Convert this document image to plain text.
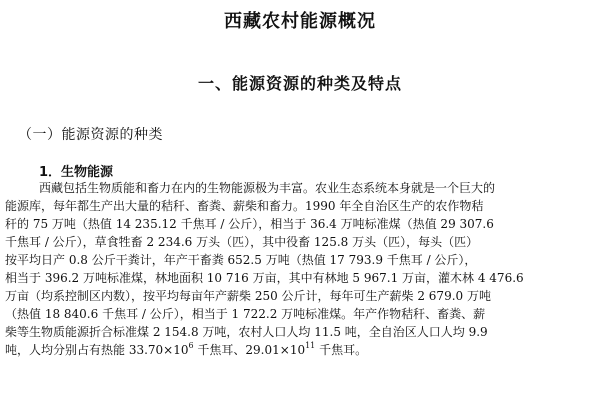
西藏农村能源概况
一、能源资源的种类及特点
（一）能源资源的种类
1．生物能源
西藏包括生物质能和畜力在内的生物能源极为丰富。农业生态系统本身就是一个巨大的
能源库，每年都生产出大量的秸秆、畜粪、薪柴和畜力。1990 年全自治区生产的农作物秸
秆的 75 万吨（热值 14 235.12 千焦耳 / 公斤），相当于 36.4 万吨标准煤（热值 29 307.6
千焦耳 / 公斤），草食牲畜 2 234.6 万头（匹），其中役畜 125.8 万头（匹），每头（匹）
按平均日产 0.8 公斤干粪计，年产干畜粪 652.5 万吨（热值 17 793.9 千焦耳 / 公斤），
相当于 396.2 万吨标准煤，林地面积 10 716 万亩，其中有林地 5 967.1 万亩，灌木林 4 476.6
万亩（均系控制区内数），按平均每亩年产薪柴 250 公斤计，每年可生产薪柴 2 679.0 万吨
（热值 18 840.6 千焦耳 / 公斤），相当于 1 722.2 万吨标准煤。年产作物秸秆、畜粪、薪
柴等生物质能源折合标准煤 2 154.8 万吨，农村人口人均 11.5 吨，全自治区人口人均 9.9
吨，人均分别占有热能 $33.70\times 10^6$ 千焦耳、$29.01\times 10^{11}$ 千焦耳。
